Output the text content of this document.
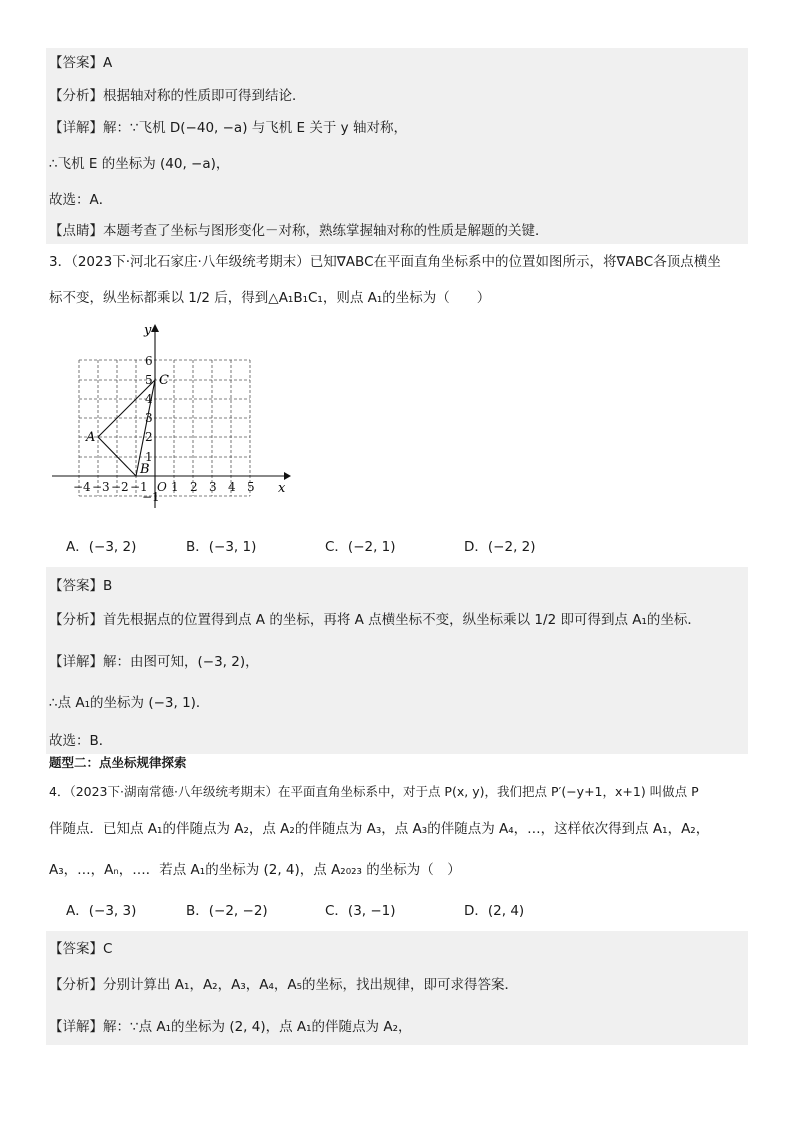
【答案】A
【分析】根据轴对称的性质即可得到结论．
【详解】解：∵飞机 D(−40, −a) 与飞机 E 关于 y 轴对称，
∴飞机 E 的坐标为 (40, −a)，
故选：A．
【点睛】本题考查了坐标与图形变化－对称，熟练掌握轴对称的性质是解题的关键．
3．（2023下·河北石家庄·八年级统考期末）已知∇ABC在平面直角坐标系中的位置如图所示，将∇ABC各顶点横坐
标不变，纵坐标都乘以 1/2 后，得到△A₁B₁C₁，则点 A₁的坐标为（　　）
x
y
−4 −3 −2 −1 O 1 2 3 4 5
6
5
4
3
2
1
−1
A
B
C
A．(−3, 2)	B．(−3, 1)	C．(−2, 1)	D．(−2, 2)
【答案】B
【分析】首先根据点的位置得到点 A 的坐标，再将 A 点横坐标不变，纵坐标乘以 1/2 即可得到点 A₁的坐标．
【详解】解：由图可知，(−3, 2)，
∴点 A₁的坐标为 (−3, 1)．
故选：B．
题型二：点坐标规律探索
4．（2023下·湖南常德·八年级统考期末）在平面直角坐标系中，对于点 P(x, y)，我们把点 P′(−y+1，x+1) 叫做点 P
伴随点．已知点 A₁的伴随点为 A₂，点 A₂的伴随点为 A₃，点 A₃的伴随点为 A₄，…，这样依次得到点 A₁，A₂，
A₃，…，Aₙ，…．若点 A₁的坐标为 (2, 4)，点 A₂₀₂₃ 的坐标为（　）
A．(−3, 3)	B．(−2, −2)	C．(3, −1)	D．(2, 4)
【答案】C
【分析】分别计算出 A₁，A₂，A₃，A₄，A₅的坐标，找出规律，即可求得答案．
【详解】解：∵点 A₁的坐标为 (2, 4)，点 A₁的伴随点为 A₂，
